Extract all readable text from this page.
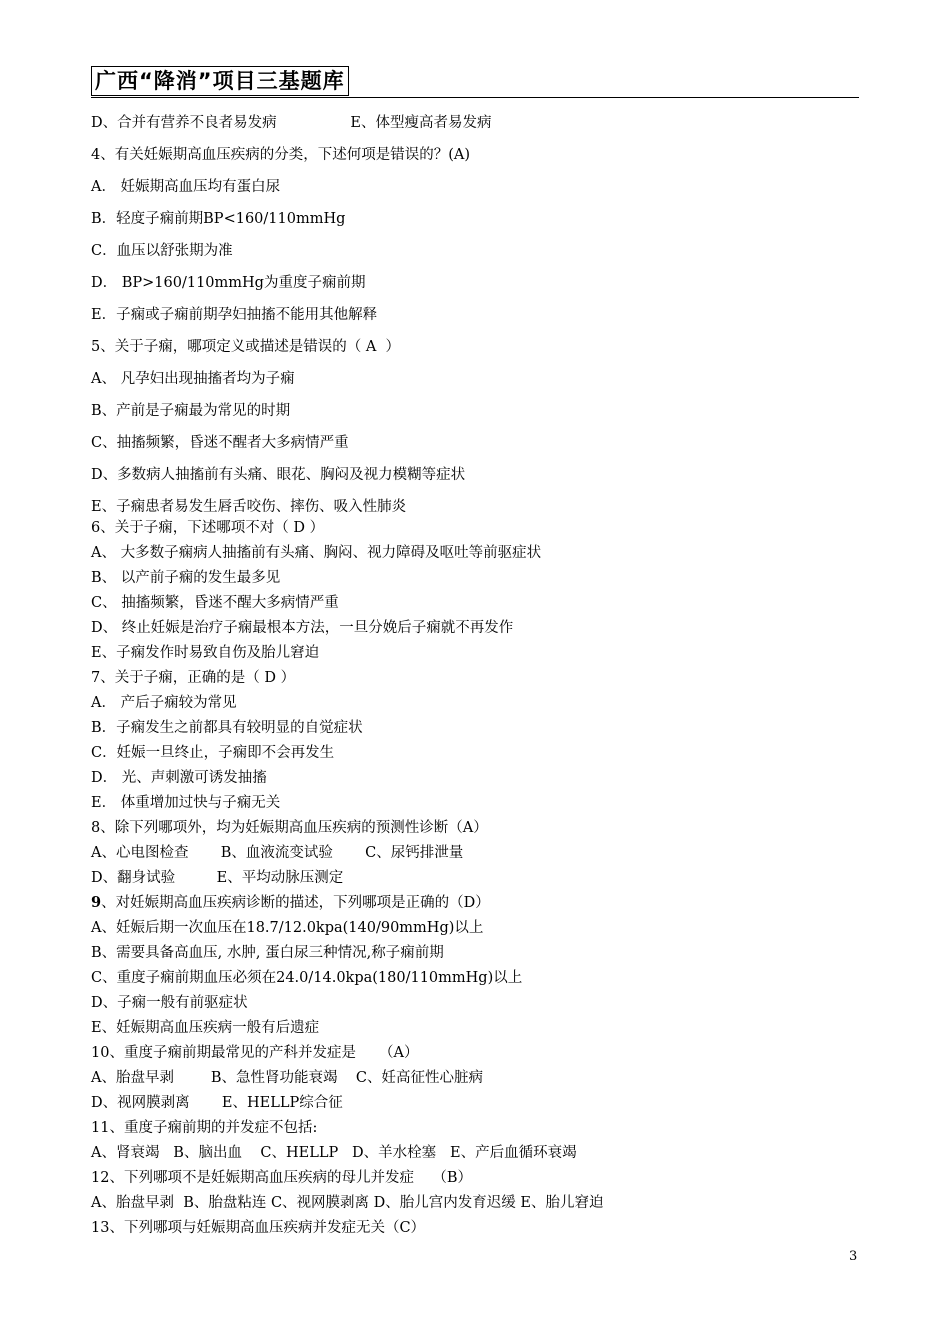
广西“降消”项目三基题库
D、合并有营养不良者易发病                E、体型瘦高者易发病
4、有关妊娠期高血压疾病的分类，下述何项是错误的？(A)
A． 妊娠期高血压均有蛋白尿
B．轻度子痫前期BP<160/110mmHg
C．血压以舒张期为准
D． BP>160/110mmHg为重度子痫前期
E．子痫或子痫前期孕妇抽搐不能用其他解释
5、关于子痫，哪项定义或描述是错误的（ A  ）
A、 凡孕妇出现抽搐者均为子痫
B、产前是子痫最为常见的时期
C、抽搐频繁，昏迷不醒者大多病情严重
D、多数病人抽搐前有头痛、眼花、胸闷及视力模糊等症状
E、子痫患者易发生唇舌咬伤、摔伤、吸入性肺炎
6、关于子痫，下述哪项不对（ D ）
A、 大多数子痫病人抽搐前有头痛、胸闷、视力障碍及呕吐等前驱症状
B、 以产前子痫的发生最多见
C、 抽搐频繁，昏迷不醒大多病情严重
D、 终止妊娠是治疗子痫最根本方法，一旦分娩后子痫就不再发作
E、子痫发作时易致自伤及胎儿窘迫
7、关于子痫，正确的是（ D ）
A． 产后子痫较为常见
B．子痫发生之前都具有较明显的自觉症状
C．妊娠一旦终止，子痫即不会再发生
D． 光、声刺激可诱发抽搐
E． 体重增加过快与子痫无关
8、除下列哪项外，均为妊娠期高血压疾病的预测性诊断（A）
A、心电图检查       B、血液流变试验       C、尿钙排泄量
D、翻身试验         E、平均动脉压测定
9、对妊娠期高血压疾病诊断的描述，下列哪项是正确的（D）
A、妊娠后期一次血压在18.7/12.0kpa(140/90mmHg)以上
B、需要具备高血压, 水肿, 蛋白尿三种情况,称子痫前期
C、重度子痫前期血压必须在24.0/14.0kpa(180/110mmHg)以上
D、子痫一般有前驱症状
E、妊娠期高血压疾病一般有后遗症
10、重度子痫前期最常见的产科并发症是     （A）
A、胎盘早剥        B、急性肾功能衰竭    C、妊高征性心脏病
D、视网膜剥离       E、HELLP综合征
11、重度子痫前期的并发症不包括:
A、肾衰竭   B、脑出血    C、HELLP   D、羊水栓塞   E、产后血循环衰竭
12、下列哪项不是妊娠期高血压疾病的母儿并发症    （B）
A、胎盘早剥  B、胎盘粘连 C、视网膜剥离 D、胎儿宫内发育迟缓 E、胎儿窘迫
13、下列哪项与妊娠期高血压疾病并发症无关（C）
3
